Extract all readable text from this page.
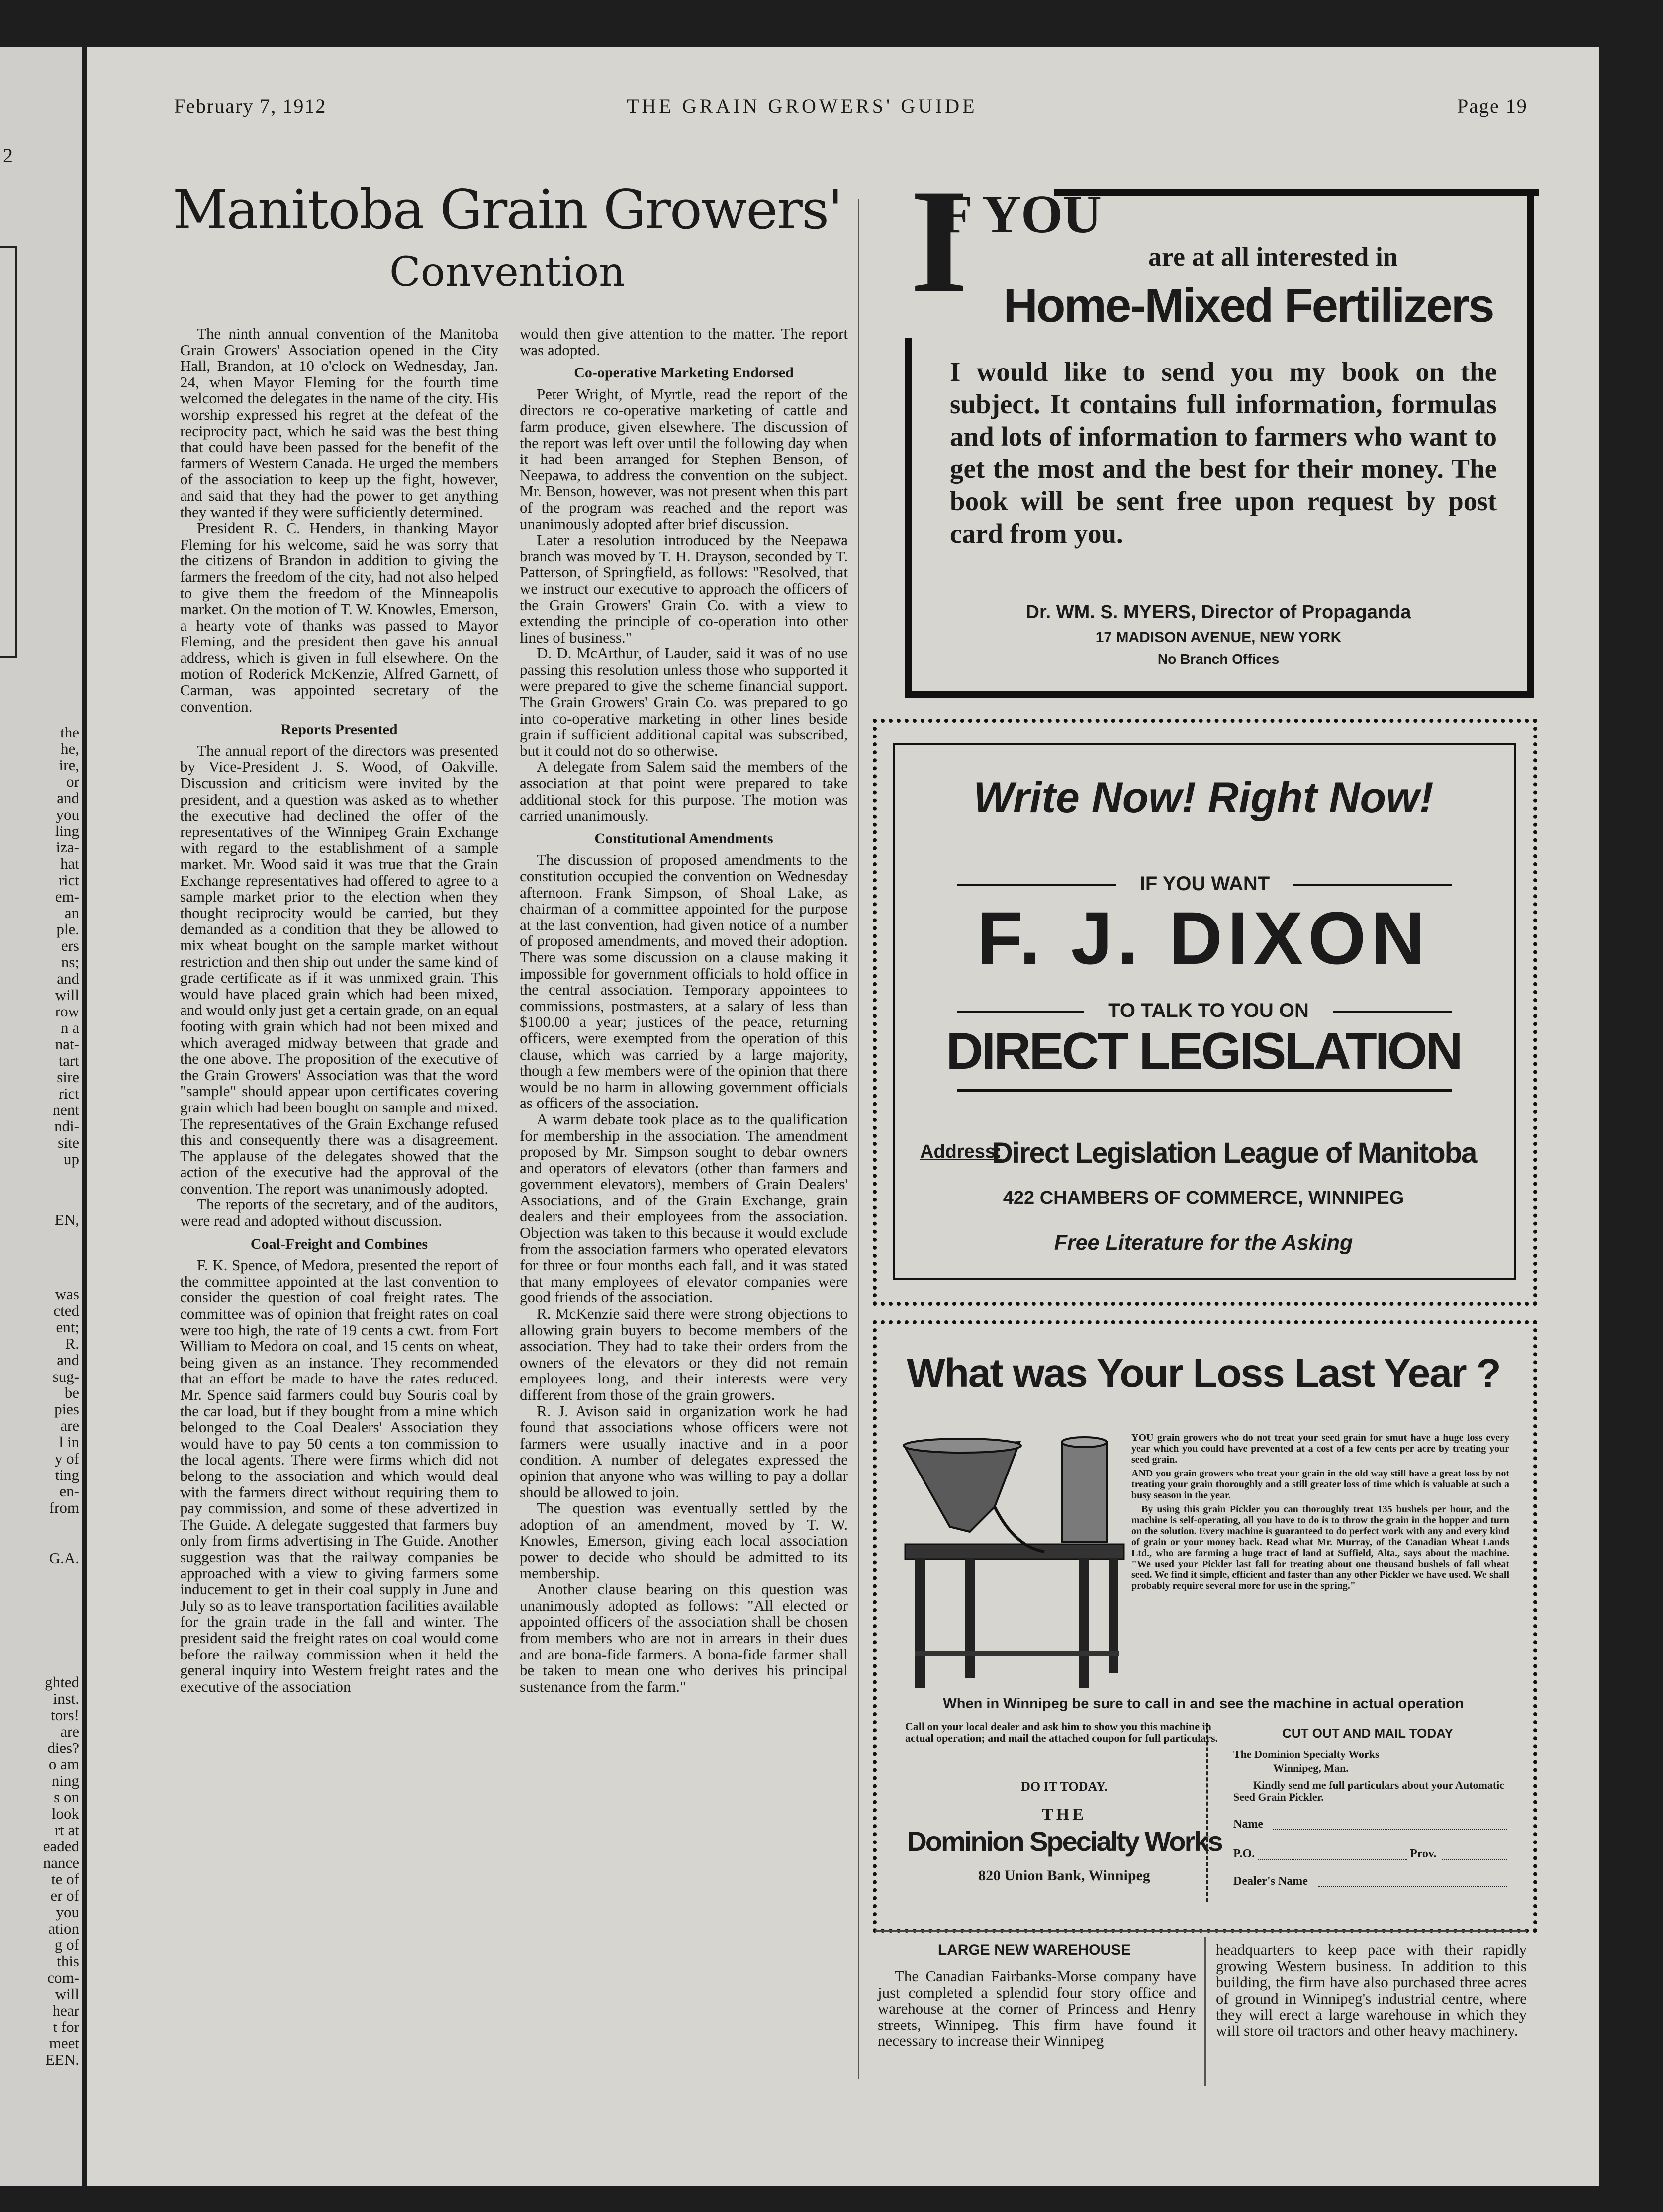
2
the
he,
ire,
or
and
you
ling
iza-
hat
rict
em-
an
ple.
ers
ns;
and
will
row
n a
nat-
tart
sire
rict
nent
ndi-
site
up
EN,
was
cted
ent;
R.
and
sug-
be
pies
are
l in
y of
ting
en-
from
G.A.
ghted
inst.
tors!
are
dies?
o am
ning
s on
look
rt at
eaded
nance
te of
er of
you
ation
g of
this
com-
will
hear
t for
meet
EEN.
February 7, 1912	THE GRAIN GROWERS' GUIDE	Page 19
Manitoba Grain Growers'
Convention

The ninth annual convention of the Manitoba Grain Growers' Association opened in the City Hall, Brandon, at 10 o'clock on Wednesday, Jan. 24, when Mayor Fleming for the fourth time welcomed the delegates in the name of the city. His worship expressed his regret at the defeat of the reciprocity pact, which he said was the best thing that could have been passed for the benefit of the farmers of Western Canada. He urged the members of the association to keep up the fight, however, and said that they had the power to get anything they wanted if they were sufficiently determined.

President R. C. Henders, in thanking Mayor Fleming for his welcome, said he was sorry that the citizens of Brandon in addition to giving the farmers the freedom of the city, had not also helped to give them the freedom of the Minneapolis market. On the motion of T. W. Knowles, Emerson, a hearty vote of thanks was passed to Mayor Fleming, and the president then gave his annual address, which is given in full elsewhere. On the motion of Roderick McKenzie, Alfred Garnett, of Carman, was appointed secretary of the convention.

Reports Presented

The annual report of the directors was presented by Vice-President J. S. Wood, of Oakville. Discussion and criticism were invited by the president, and a question was asked as to whether the executive had declined the offer of the representatives of the Winnipeg Grain Exchange with regard to the establishment of a sample market. Mr. Wood said it was true that the Grain Exchange representatives had offered to agree to a sample market prior to the election when they thought reciprocity would be carried, but they demanded as a condition that they be allowed to mix wheat bought on the sample market without restriction and then ship out under the same kind of grade certificate as if it was unmixed grain. This would have placed grain which had been mixed, and would only just get a certain grade, on an equal footing with grain which had not been mixed and which averaged midway between that grade and the one above. The proposition of the executive of the Grain Growers' Association was that the word "sample" should appear upon certificates covering grain which had been bought on sample and mixed. The representatives of the Grain Exchange refused this and consequently there was a disagreement. The applause of the delegates showed that the action of the executive had the approval of the convention. The report was unanimously adopted.

The reports of the secretary, and of the auditors, were read and adopted without discussion.

Coal-Freight and Combines

F. K. Spence, of Medora, presented the report of the committee appointed at the last convention to consider the question of coal freight rates. The committee was of opinion that freight rates on coal were too high, the rate of 19 cents a cwt. from Fort William to Medora on coal, and 15 cents on wheat, being given as an instance. They recommended that an effort be made to have the rates reduced. Mr. Spence said farmers could buy Souris coal by the car load, but if they bought from a mine which belonged to the Coal Dealers' Association they would have to pay 50 cents a ton commission to the local agents. There were firms which did not belong to the association and which would deal with the farmers direct without requiring them to pay commission, and some of these advertized in The Guide. A delegate suggested that farmers buy only from firms advertising in The Guide. Another suggestion was that the railway companies be approached with a view to giving farmers some inducement to get in their coal supply in June and July so as to leave transportation facilities available for the grain trade in the fall and winter. The president said the freight rates on coal would come before the railway commission when it held the general inquiry into Western freight rates and the executive of the association

would then give attention to the matter. The report was adopted.

Co-operative Marketing Endorsed

Peter Wright, of Myrtle, read the report of the directors re co-operative marketing of cattle and farm produce, given elsewhere. The discussion of the report was left over until the following day when it had been arranged for Stephen Benson, of Neepawa, to address the convention on the subject. Mr. Benson, however, was not present when this part of the program was reached and the report was unanimously adopted after brief discussion.

Later a resolution introduced by the Neepawa branch was moved by T. H. Drayson, seconded by T. Patterson, of Springfield, as follows: "Resolved, that we instruct our executive to approach the officers of the Grain Growers' Grain Co. with a view to extending the principle of co-operation into other lines of business."

D. D. McArthur, of Lauder, said it was of no use passing this resolution unless those who supported it were prepared to give the scheme financial support. The Grain Growers' Grain Co. was prepared to go into co-operative marketing in other lines beside grain if sufficient additional capital was subscribed, but it could not do so otherwise.

A delegate from Salem said the members of the association at that point were prepared to take additional stock for this purpose. The motion was carried unanimously.

Constitutional Amendments

The discussion of proposed amendments to the constitution occupied the convention on Wednesday afternoon. Frank Simpson, of Shoal Lake, as chairman of a committee appointed for the purpose at the last convention, had given notice of a number of proposed amendments, and moved their adoption. There was some discussion on a clause making it impossible for government officials to hold office in the central association. Temporary appointees to commissions, postmasters, at a salary of less than $100.00 a year; justices of the peace, returning officers, were exempted from the operation of this clause, which was carried by a large majority, though a few members were of the opinion that there would be no harm in allowing government officials as officers of the association.

A warm debate took place as to the qualification for membership in the association. The amendment proposed by Mr. Simpson sought to debar owners and operators of elevators (other than farmers and government elevators), members of Grain Dealers' Associations, and of the Grain Exchange, grain dealers and their employees from the association. Objection was taken to this because it would exclude from the association farmers who operated elevators for three or four months each fall, and it was stated that many employees of elevator companies were good friends of the association.

R. McKenzie said there were strong objections to allowing grain buyers to become members of the association. They had to take their orders from the owners of the elevators or they did not remain employees long, and their interests were very different from those of the grain growers.

R. J. Avison said in organization work he had found that associations whose officers were not farmers were usually inactive and in a poor condition. A number of delegates expressed the opinion that anyone who was willing to pay a dollar should be allowed to join.

The question was eventually settled by the adoption of an amendment, moved by T. W. Knowles, Emerson, giving each local association power to decide who should be admitted to its membership.

Another clause bearing on this question was unanimously adopted as follows: "All elected or appointed officers of the association shall be chosen from members who are not in arrears in their dues and are bona-fide farmers. A bona-fide farmer shall be taken to mean one who derives his principal sustenance from the farm."

I
F YOU
are at all interested in
Home-Mixed Fertilizers
I would like to send you my book on the subject. It contains full information, formulas and lots of information to farmers who want to get the most and the best for their money. The book will be sent free upon request by post card from you.
Dr. WM. S. MYERS, Director of Propaganda
17 MADISON AVENUE, NEW YORK
No Branch Offices
Write Now! Right Now!
IF YOU WANT
F. J. DIXON
TO TALK TO YOU ON
DIRECT LEGISLATION
Address:
Direct Legislation League of Manitoba
422 CHAMBERS OF COMMERCE, WINNIPEG
Free Literature for the Asking
What was Your Loss Last Year ?
YOU grain growers who do not treat your seed grain for smut have a huge loss every year which you could have prevented at a cost of a few cents per acre by treating your seed grain.
AND you grain growers who treat your grain in the old way still have a great loss by not treating your grain thoroughly and a still greater loss of time which is valuable at such a busy season in the year.
By using this grain Pickler you can thoroughly treat 135 bushels per hour, and the machine is self-operating, all you have to do is to throw the grain in the hopper and turn on the solution. Every machine is guaranteed to do perfect work with any and every kind of grain or your money back. Read what Mr. Murray, of the Canadian Wheat Lands Ltd., who are farming a huge tract of land at Suffield, Alta., says about the machine. "We used your Pickler last fall for treating about one thousand bushels of fall wheat seed. We find it simple, efficient and faster than any other Pickler we have used. We shall probably require several more for use in the spring."
When in Winnipeg be sure to call in and see the machine in actual operation
Call on your local dealer and ask him to show you this machine in actual operation; and mail the attached coupon for full particulars.
DO IT TODAY.
THE
Dominion Specialty Works
820 Union Bank, Winnipeg
CUT OUT AND MAIL TODAY
The Dominion Specialty Works
Winnipeg, Man.
Kindly send me full particulars about your Automatic Seed Grain Pickler.
Name
P.O.	Prov.
Dealer's Name
LARGE NEW WAREHOUSE

The Canadian Fairbanks-Morse company have just completed a splendid four story office and warehouse at the corner of Princess and Henry streets, Winnipeg. This firm have found it necessary to increase their Winnipeg

headquarters to keep pace with their rapidly growing Western business. In addition to this building, the firm have also purchased three acres of ground in Winnipeg's industrial centre, where they will erect a large warehouse in which they will store oil tractors and other heavy machinery.
